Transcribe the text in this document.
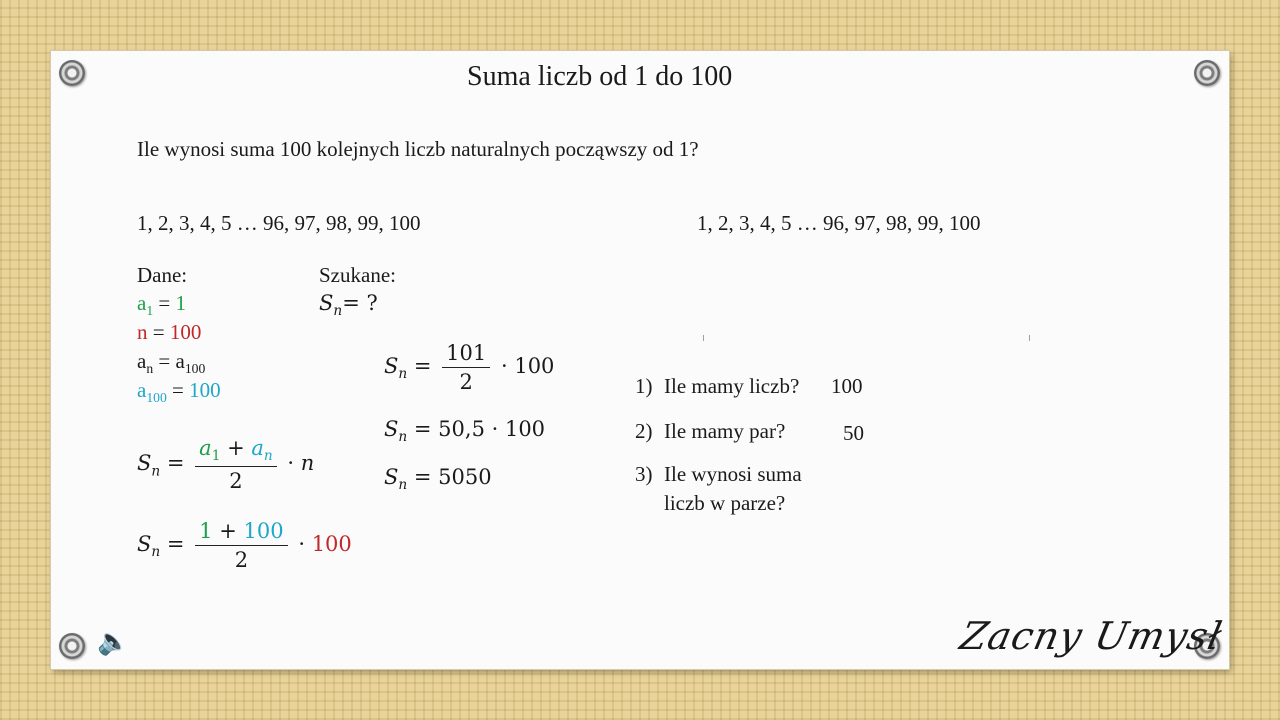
Suma liczb od 1 do 100
Ile wynosi suma 100 kolejnych liczb naturalnych począwszy od 1?
1, 2, 3, 4, 5 … 96, 97, 98, 99, 100	1, 2, 3, 4, 5 … 96, 97, 98, 99, 100
Dane:
$a_1 = 1$
n = 100
$a_n = a_{100}$
$a_{100} = 100$
Szukane:
$S_n=$ ?
$S_n = \frac{a_1 + a_n}{2} \cdot n$
$S_n = \frac{1 + 100}{2} \cdot 100$
$S_n = \frac{101}{2} \cdot 100$
$S_n = 50,5 \cdot 100$
$S_n = 5050$
1) Ile mamy liczb? 100
2) Ile mamy par?	50
3) Ile wynosi suma
liczb w parze?
🔈	Zacny Umysł
